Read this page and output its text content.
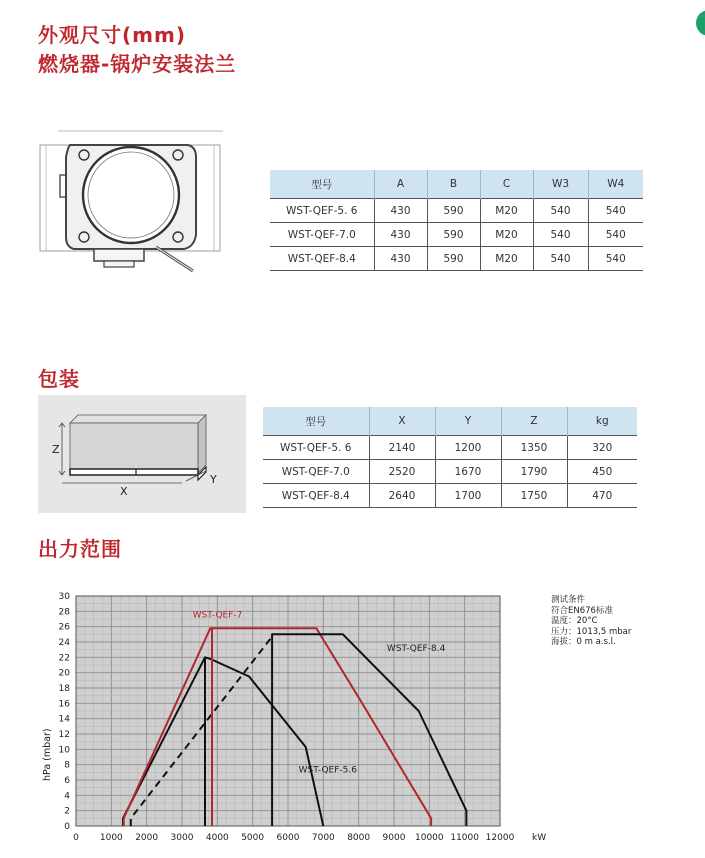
外观尺寸(mm)
燃烧器-锅炉安装法兰
型号	A	B	C	W3	W4
WST-QEF-5. 6	430	590	M20	540	540
WST-QEF-7.0	430	590	M20	540	540
WST-QEF-8.4	430	590	M20	540	540
包装
Z
X
Y
型号	X	Y	Z	kg
WST-QEF-5. 6	2140	1200	1350	320
WST-QEF-7.0	2520	1670	1790	450
WST-QEF-8.4	2640	1700	1750	470
出力范围
0
2
4
6
8
10
12
14
16
18
20
22
24
26
28
30
0 1000 2000 3000 4000 5000 6000 7000 8000 9000 10000 11000 12000 kW
hPa (mbar)	WST-QEF-5.6
WST-QEF-7
WST-QEF-8.4
测试条件
符合EN676标准
温度：20°C
压力：1013,5 mbar
海拔：0 m a.s.l.
